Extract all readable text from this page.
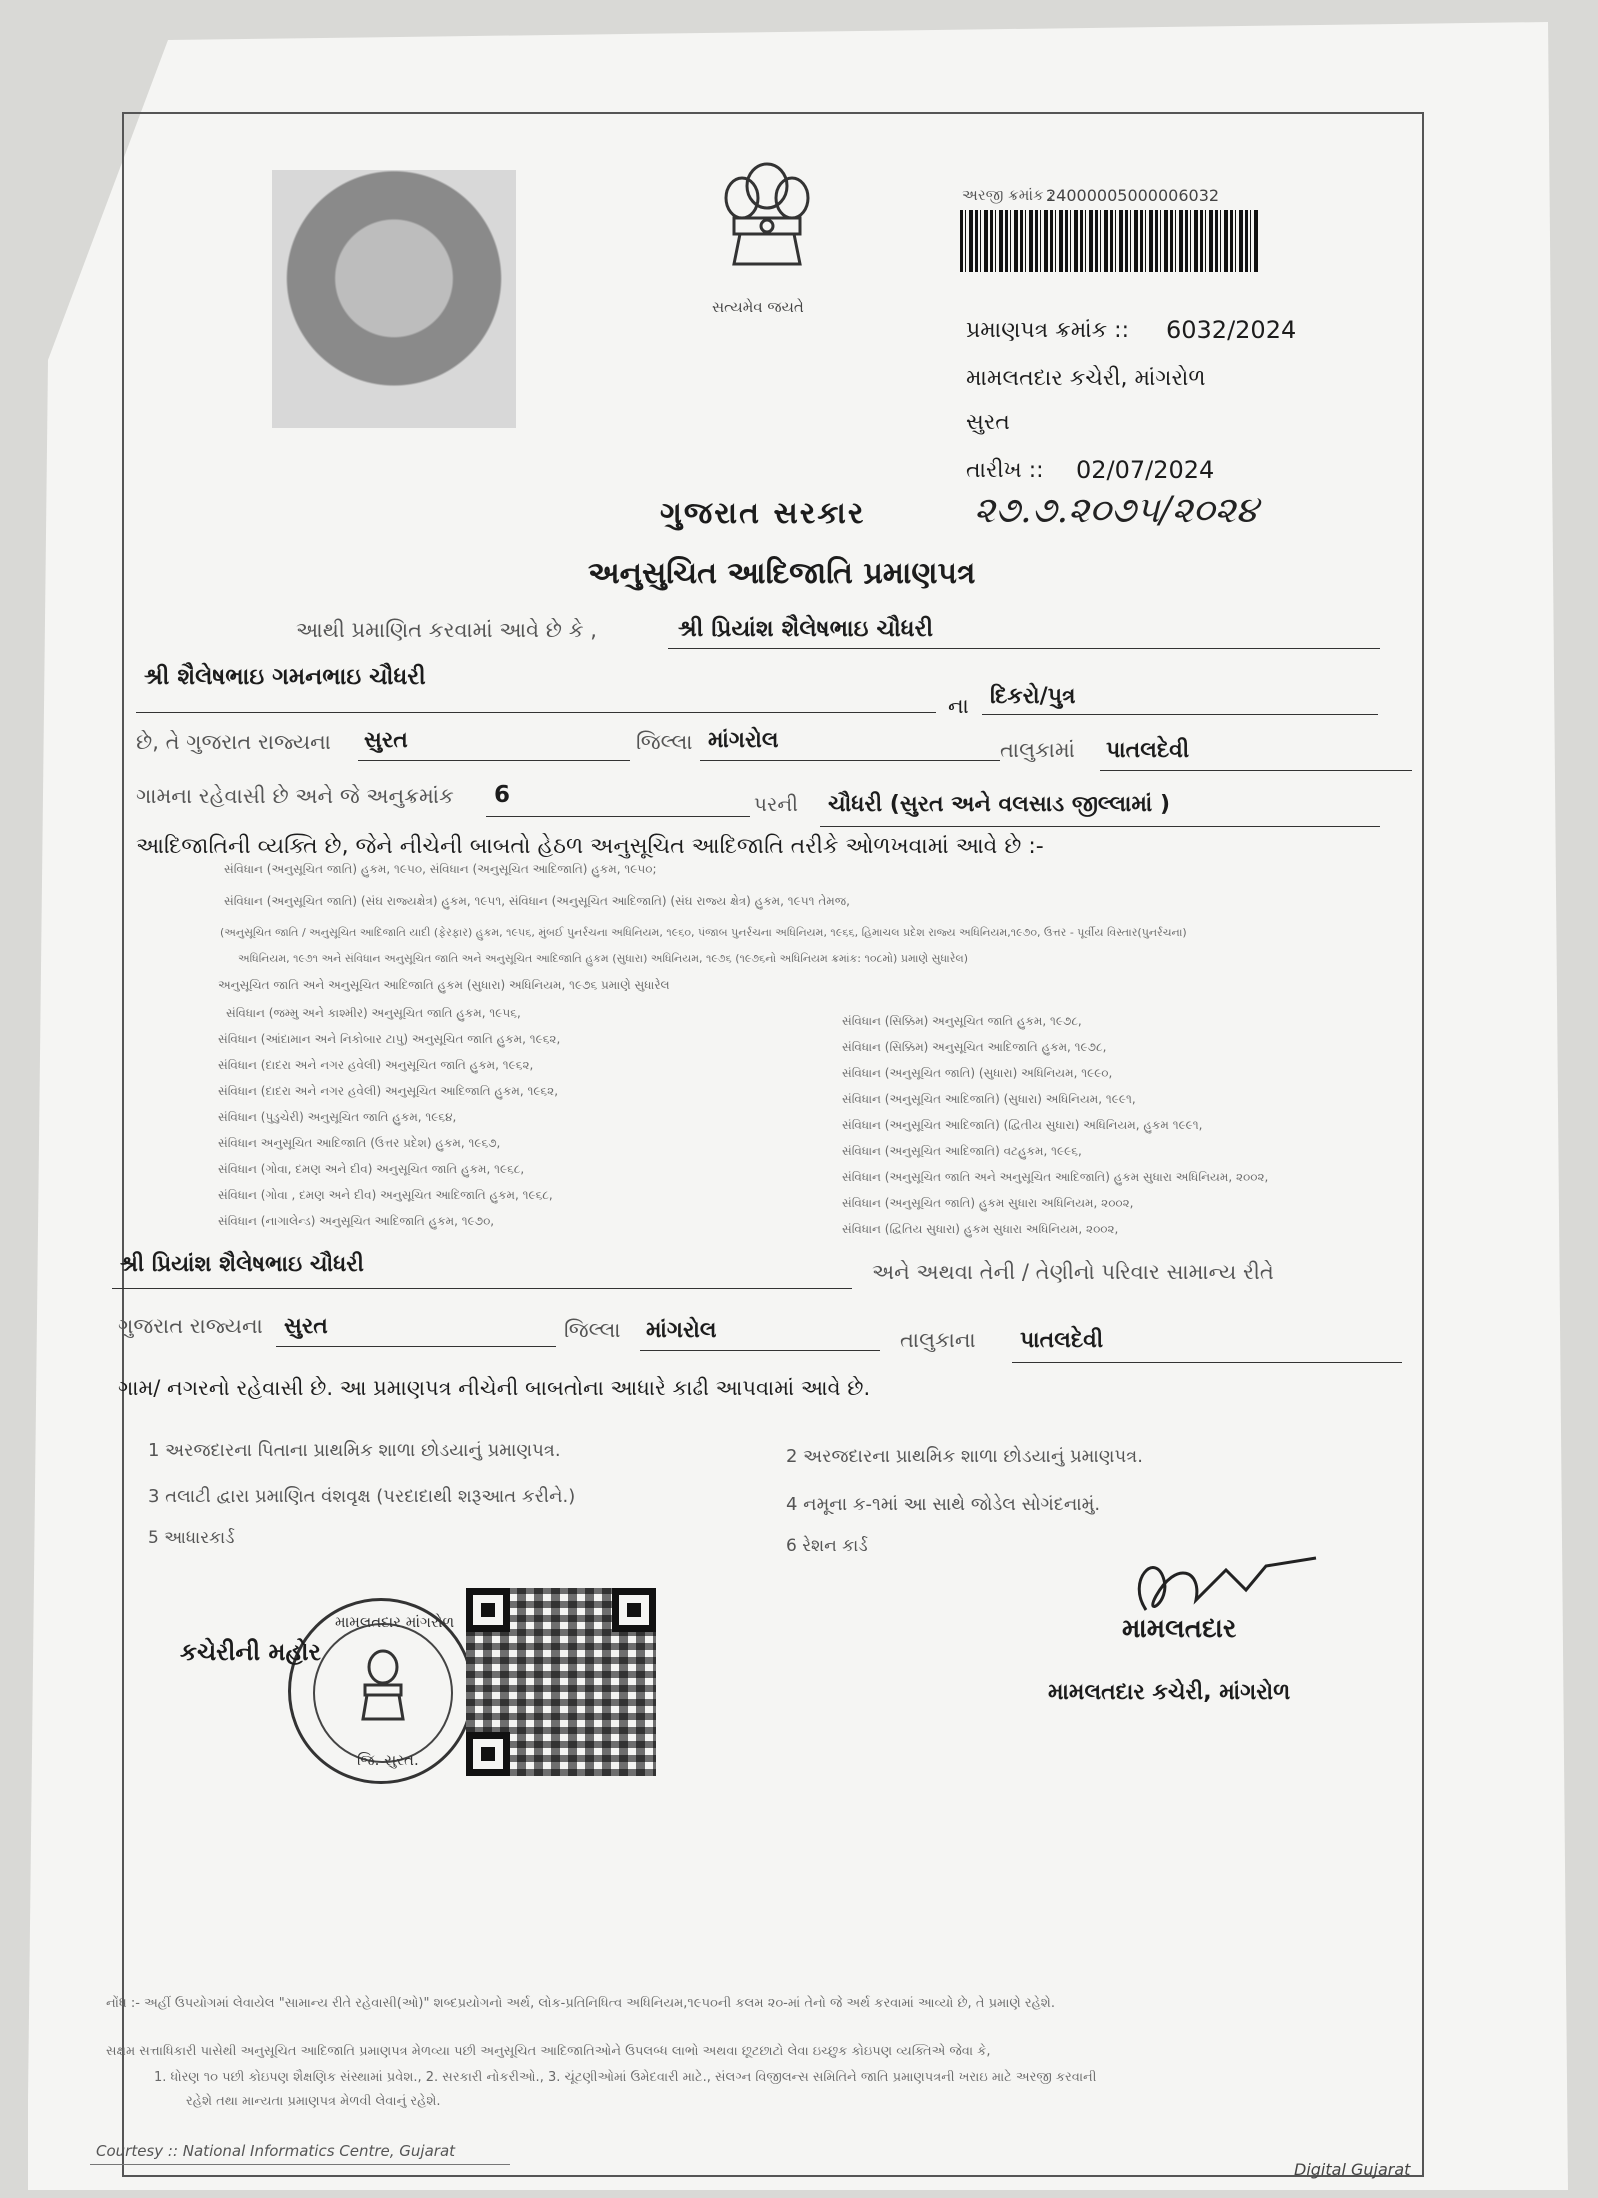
સત્યમેવ જયતે
અરજી ક્રમાંક :
24000005000006032
પ્રમાણપત્ર ક્રમાંક :: 6032/2024
મામલતદાર કચેરી, માંગરોળ
સુરત
તારીખ :: 02/07/2024
ગુજરાત સરકાર	૨૭.૭.૨૦૭૫/૨૦૨૪
અનુસુચિત આદિજાતિ પ્રમાણપત્ર
આથી પ્રમાણિત કરવામાં આવે છે કે ,	શ્રી પ્રિયાંશ શૈલેષભાઇ ચૌધરી
શ્રી શૈલેષભાઇ ગમનભાઇ ચૌધરી
ના દિકરો/પુત્ર
છે, તે ગુજરાત રાજ્યના સુરત	જિલ્લા માંગરોલ	તાલુકામાં પાતલદેવી
ગામના રહેવાસી છે અને જે અનુક્રમાંક 6	પરની ચૌધરી (સુરત અને વલસાડ જીલ્લામાં )
આદિજાતિની વ્યક્તિ છે, જેને નીચેની બાબતો હેઠળ અનુસૂચિત આદિજાતિ તરીકે ઓળખવામાં આવે છે :-
સંવિધાન (અનુસૂચિત જાતિ) હુકમ, ૧૯૫૦, સંવિધાન (અનુસૂચિત આદિજાતિ) હુકમ, ૧૯૫૦;
સંવિધાન (અનુસૂચિત જાતિ) (સંઘ રાજ્યક્ષેત્ર) હુકમ, ૧૯૫૧, સંવિધાન (અનુસૂચિત આદિજાતિ) (સંઘ રાજ્ય ક્ષેત્ર) હુકમ, ૧૯૫૧ તેમજ,
(અનુસૂચિત જાતિ / અનુસૂચિત આદિજાતિ યાદી (ફેરફાર) હુકમ, ૧૯૫૬, મુંબઈ પુનર્રચના અધિનિયમ, ૧૯૬૦, પંજાબ પુનર્રચના અધિનિયમ, ૧૯૬૬, હિમાચલ પ્રદેશ રાજ્ય અધિનિયમ,૧૯૭૦, ઉત્તર - પૂર્વીય વિસ્તાર(પુનર્રચના)
અધિનિયમ, ૧૯૭૧ અને સંવિધાન અનુસૂચિત જાતિ અને અનુસૂચિત આદિજાતિ હુકમ (સુધારા) અધિનિયમ, ૧૯૭૬ (૧૯૭૬નો અધિનિયમ ક્રમાંક: ૧૦૮મો) પ્રમાણે સુધારેલ)
અનુસૂચિત જાતિ અને અનુસૂચિત આદિજાતિ હુકમ (સુધારા) અધિનિયમ, ૧૯૭૬ પ્રમાણે સુધારેલ
સંવિધાન (જમ્મુ અને કાશ્મીર) અનુસૂચિત જાતિ હુકમ, ૧૯૫૬,
સંવિધાન (આંદામાન અને નિકોબાર ટાપુ) અનુસૂચિત જાતિ હુકમ, ૧૯૬૨,
સંવિધાન (દાદરા અને નગર હવેલી) અનુસૂચિત જાતિ હુકમ, ૧૯૬૨,
સંવિધાન (દાદરા અને નગર હવેલી) અનુસૂચિત આદિજાતિ હુકમ, ૧૯૬૨,
સંવિધાન (પુડુચેરી) અનુસૂચિત જાતિ હુકમ, ૧૯૬૪,
સંવિધાન અનુસૂચિત આદિજાતિ (ઉત્તર પ્રદેશ) હુકમ, ૧૯૬૭,
સંવિધાન (ગોવા, દમણ અને દીવ) અનુસૂચિત જાતિ હુકમ, ૧૯૬૮,
સંવિધાન (ગોવા , દમણ અને દીવ) અનુસૂચિત આદિજાતિ હુકમ, ૧૯૬૮,
સંવિધાન (નાગાલેન્ડ) અનુસૂચિત આદિજાતિ હુકમ, ૧૯૭૦,
સંવિધાન (સિક્કિમ) અનુસૂચિત જાતિ હુકમ, ૧૯૭૮,
સંવિધાન (સિક્કિમ) અનુસૂચિત આદિજાતિ હુકમ, ૧૯૭૮,
સંવિધાન (અનુસૂચિત જાતિ) (સુધારા) અધિનિયમ, ૧૯૯૦,
સંવિધાન (અનુસૂચિત આદિજાતિ) (સુધારા) અધિનિયમ, ૧૯૯૧,
સંવિધાન (અનુસૂચિત આદિજાતિ) (દ્વિતીય સુધારા) અધિનિયમ, હુકમ ૧૯૯૧,
સંવિધાન (અનુસૂચિત આદિજાતિ) વટહુકમ, ૧૯૯૬,
સંવિધાન (અનુસૂચિત જાતિ અને અનુસૂચિત આદિજાતિ) હુકમ સુધારા અધિનિયમ, ૨૦૦૨,
સંવિધાન (અનુસૂચિત જાતિ) હુકમ સુધારા અધિનિયમ, ૨૦૦૨,
સંવિધાન (દ્વિતિય સુધારા) હુકમ સુધારા અધિનિયમ, ૨૦૦૨,
શ્રી પ્રિયાંશ શૈલેષભાઇ ચૌધરી	અને અથવા તેની / તેણીનો પરિવાર સામાન્ય રીતે
ગુજરાત રાજ્યના સુરત	જિલ્લા માંગરોલ	તાલુકાના પાતલદેવી
ગામ/ નગરનો રહેવાસી છે. આ પ્રમાણપત્ર નીચેની બાબતોના આધારે કાઢી આપવામાં આવે છે.
1 અરજદારના પિતાના પ્રાથમિક શાળા છોડયાનું પ્રમાણપત્ર.	2 અરજદારના પ્રાથમિક શાળા છોડયાનું પ્રમાણપત્ર.
3 તલાટી દ્વારા પ્રમાણિત વંશવૃક્ષ (પરદાદાથી શરૂઆત કરીને.)	4 નમૂના ક-૧માં આ સાથે જોડેલ સોગંદનામું.
5 આધારકાર્ડ	6 રેશન કાર્ડ
મામલતદાર માંગરોળ
જિ. સુરત.
કચેરીની મહોર
મામલતદાર
મામલતદાર કચેરી, માંગરોળ
નોંધ :- અહીં ઉપયોગમાં લેવાયેલ "સામાન્ય રીતે રહેવાસી(ઓ)" શબ્દપ્રયોગનો અર્થ, લોક-પ્રતિનિધિત્વ અધિનિયમ,૧૯૫૦ની કલમ ૨૦-માં તેનો જે અર્થ કરવામાં આવ્યો છે, તે પ્રમાણે રહેશે.
સક્ષમ સત્તાધિકારી પાસેથી અનુસૂચિત આદિજાતિ પ્રમાણપત્ર મેળવ્યા પછી અનુસૂચિત આદિજાતિઓને ઉપલબ્ધ લાભો અથવા છૂટછાટો લેવા ઇચ્છુક કોઇપણ વ્યક્તિએ જેવા કે,
1. ધોરણ ૧૦ પછી કોઇપણ શૈક્ષણિક સંસ્થામાં પ્રવેશ., 2. સરકારી નોકરીઓ., 3. ચૂંટણીઓમાં ઉમેદવારી માટે., સંલગ્ન વિજીલન્સ સમિતિને જાતિ પ્રમાણપત્રની ખરાઇ માટે અરજી કરવાની
રહેશે તથા માન્યતા પ્રમાણપત્ર મેળવી લેવાનું રહેશે.
Courtesy :: National Informatics Centre, Gujarat
Digital Gujarat
